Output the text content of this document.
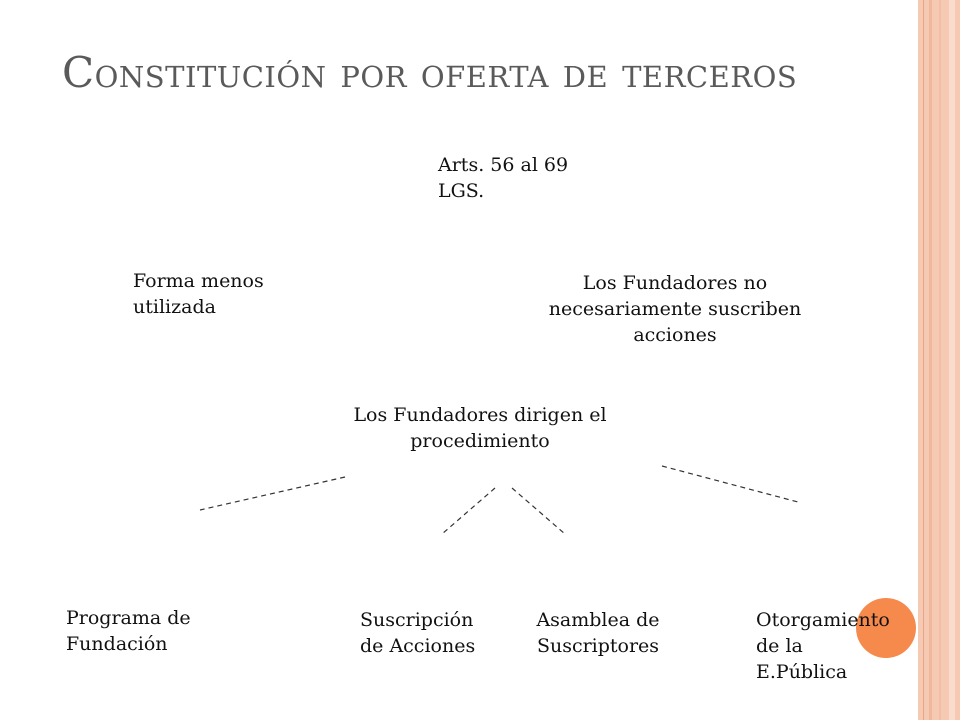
Constitución por oferta de terceros
Arts. 56 al 69
LGS.
Forma menos
utilizada
Los Fundadores no
necesariamente suscriben
acciones
Los Fundadores dirigen el
procedimiento
Programa de
Fundación
Suscripción
de Acciones
Asamblea de
Suscriptores
Otorgamiento
de la
E.Pública
